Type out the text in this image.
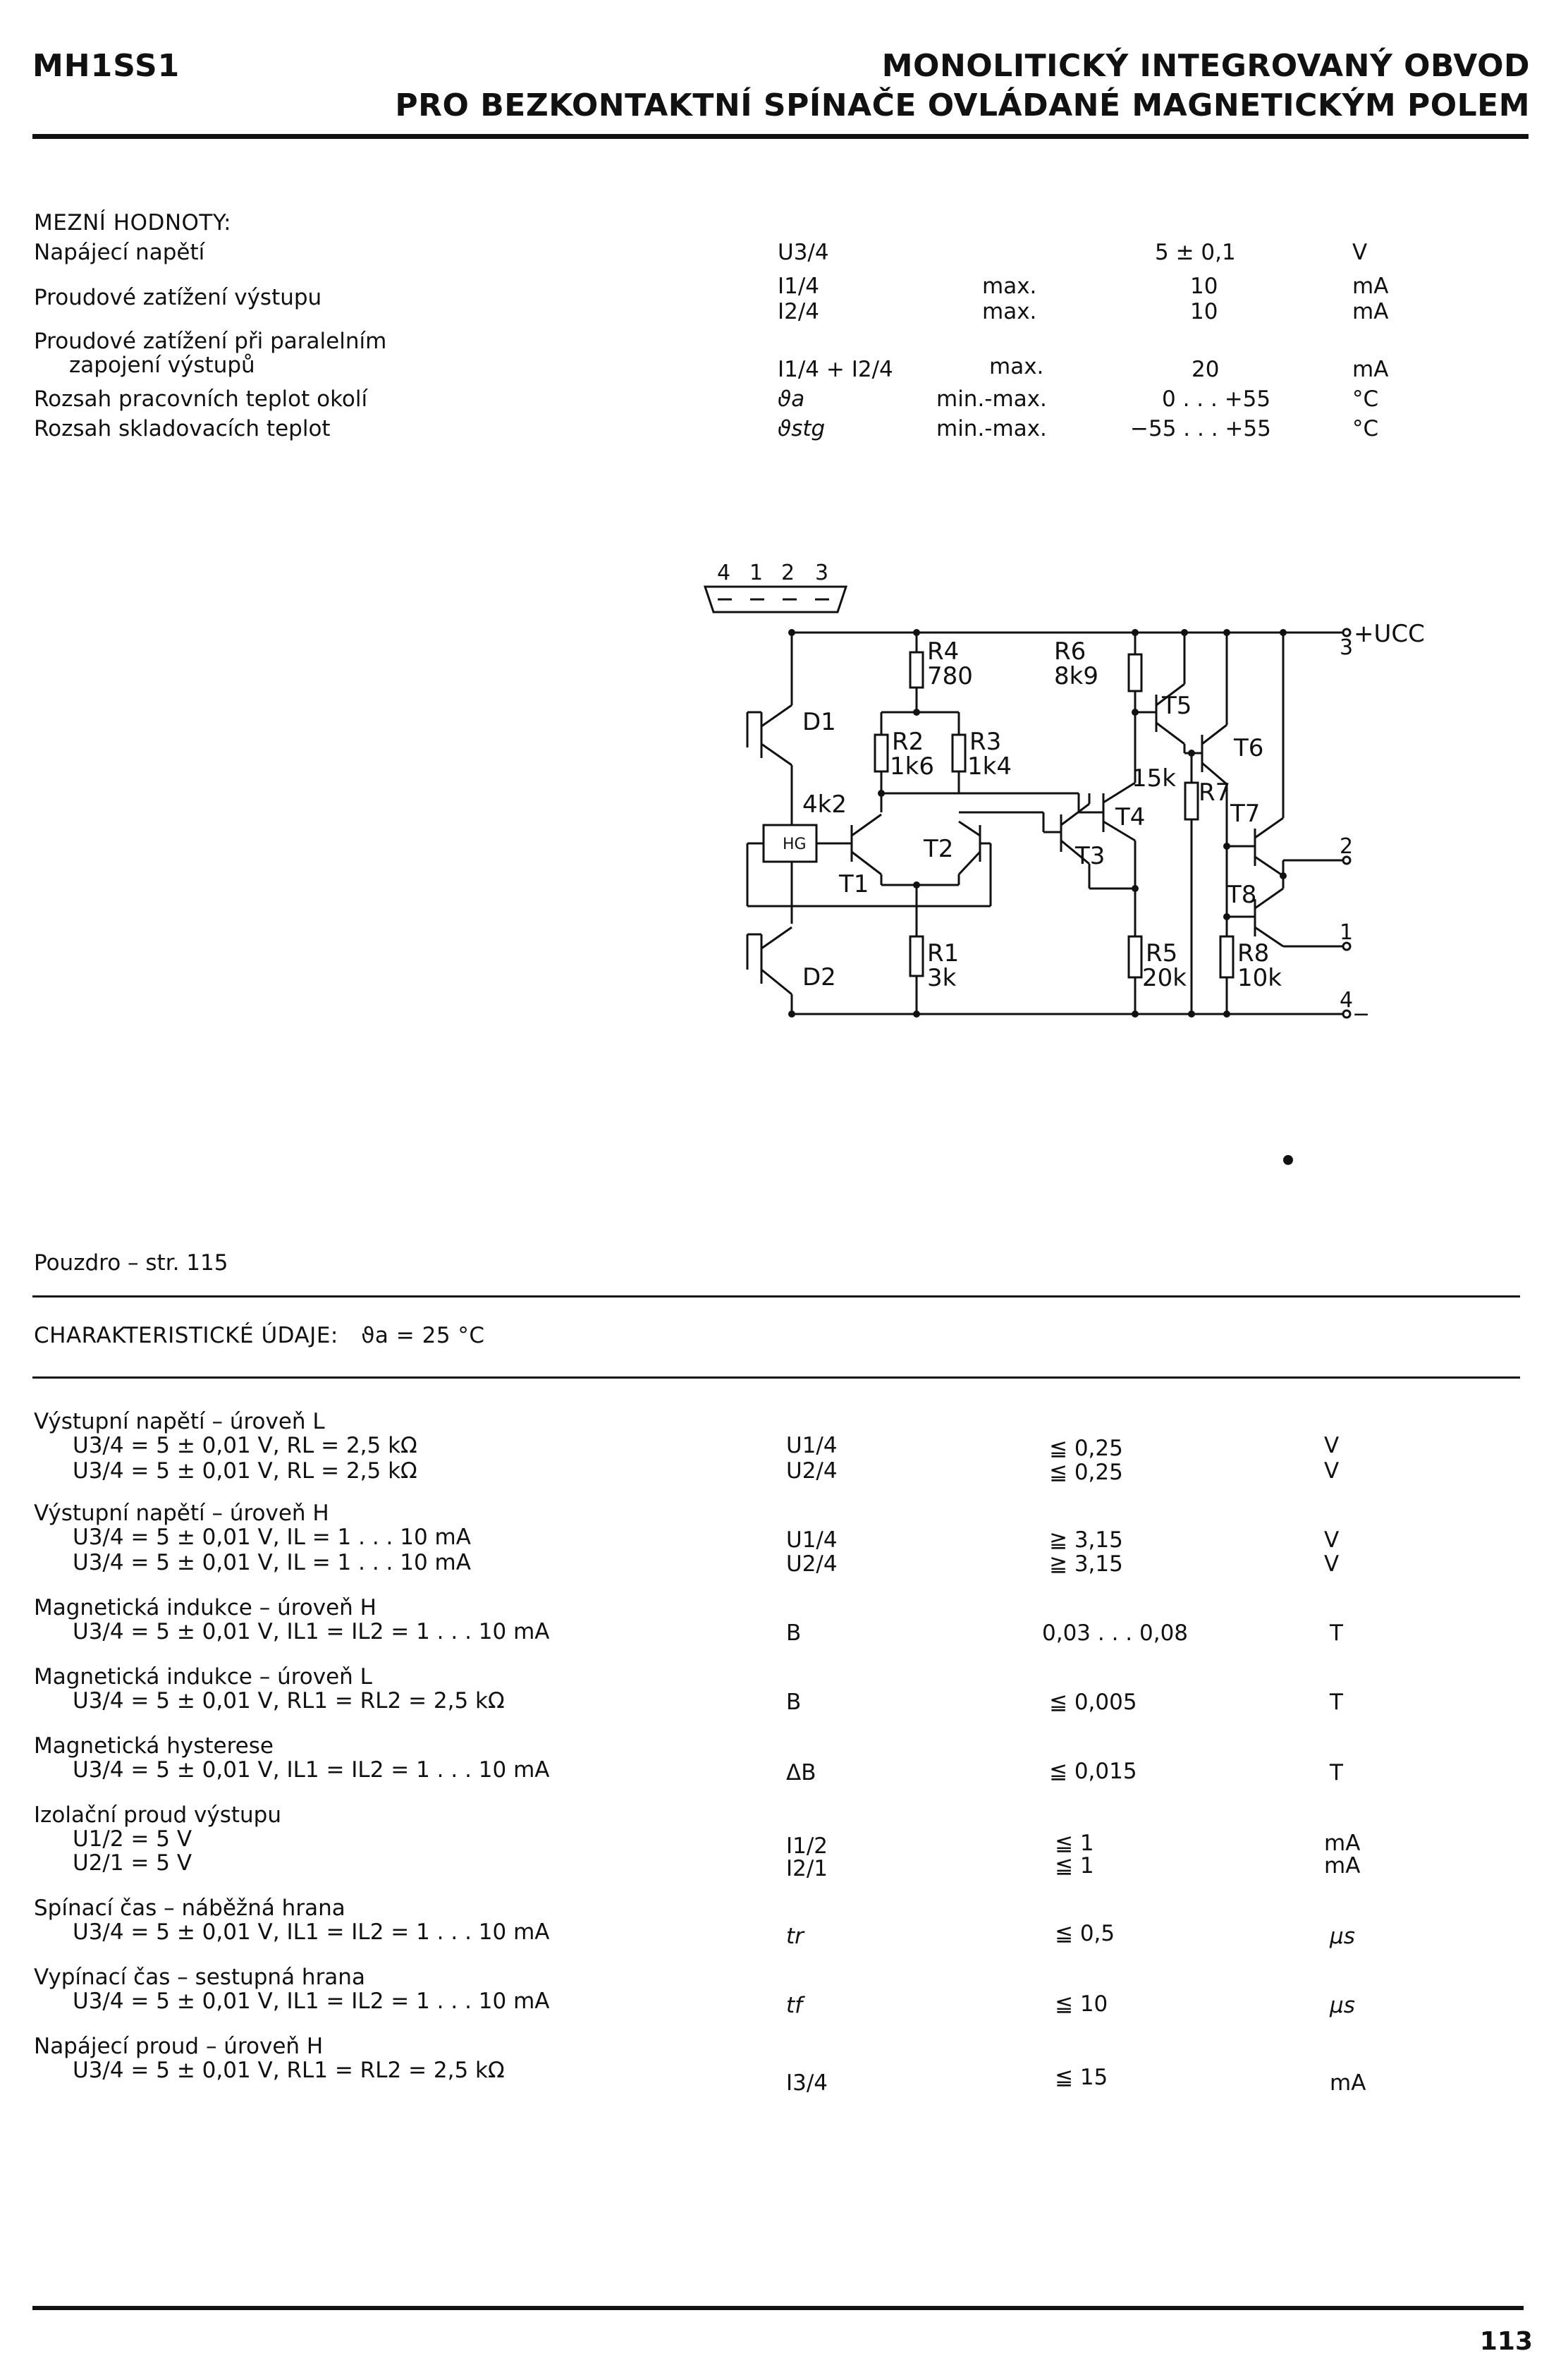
MH1SS1	MONOLITICKÝ INTEGROVANÝ OBVOD
PRO BEZKONTAKTNÍ SPÍNAČE OVLÁDANÉ MAGNETICKÝM POLEM
MEZNÍ HODNOTY:
Napájecí napětí	U3/4	5 ± 0,1	V
Proudové zatížení výstupu	I1/4	max.	10	mA
I2/4	max.	10	mA
Proudové zatížení při paralelním
zapojení výstupů	I1/4 + I2/4	max.	20	mA
Rozsah pracovních teplot okolí	ϑa	min.-max.	0 . . . +55	°C
Rozsah skladovacích teplot	ϑstg	min.-max.	−55 . . . +55	°C
4 1 2 3
R4
780
R6
8k9
R2
1k6
R3
1k4
D1
4k2
D2
T1
T2	T3
T4
T5
T6
T7
T8
15k R7
R1
3k
R5
20k
R8
10k
HG
3 +UCC
2
1
4
−
Pouzdro – str. 115
CHARAKTERISTICKÉ ÚDAJE: ϑa = 25 °C
Výstupní napětí – úroveň L
U3/4 = 5 ± 0,01 V, RL = 2,5 kΩ	U1/4	≦ 0,25	V
U3/4 = 5 ± 0,01 V, RL = 2,5 kΩ	U2/4	≦ 0,25	V
Výstupní napětí – úroveň H
U3/4 = 5 ± 0,01 V, IL = 1 . . . 10 mA	U1/4	≧ 3,15	V
U3/4 = 5 ± 0,01 V, IL = 1 . . . 10 mA	U2/4	≧ 3,15	V
Magnetická indukce – úroveň H
U3/4 = 5 ± 0,01 V, IL1 = IL2 = 1 . . . 10 mA	B	0,03 . . . 0,08	T
Magnetická indukce – úroveň L
U3/4 = 5 ± 0,01 V, RL1 = RL2 = 2,5 kΩ	B	≦ 0,005	T
Magnetická hysterese
U3/4 = 5 ± 0,01 V, IL1 = IL2 = 1 . . . 10 mA	ΔB	≦ 0,015	T
Izolační proud výstupu
U1/2 = 5 V	I1/2	≦ 1	mA
U2/1 = 5 V	I2/1	≦ 1	mA
Spínací čas – náběžná hrana
U3/4 = 5 ± 0,01 V, IL1 = IL2 = 1 . . . 10 mA	tr	≦ 0,5	μs
Vypínací čas – sestupná hrana
U3/4 = 5 ± 0,01 V, IL1 = IL2 = 1 . . . 10 mA	tf	≦ 10	μs
Napájecí proud – úroveň H
U3/4 = 5 ± 0,01 V, RL1 = RL2 = 2,5 kΩ	I3/4	≦ 15	mA
113
